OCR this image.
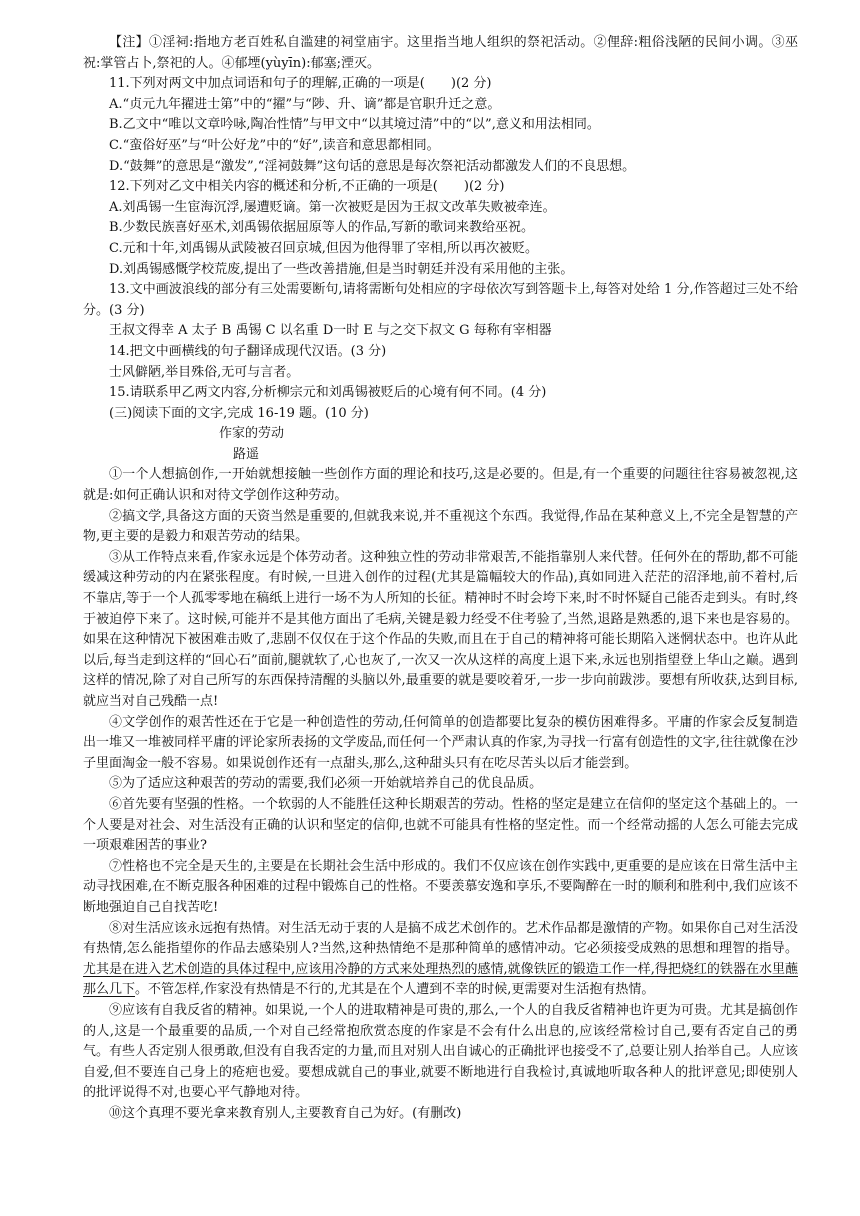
【注】①淫祠:指地方老百姓私自滥建的祠堂庙宇。这里指当地人组织的祭祀活动。②俚辞:粗俗浅陋的民间小调。③巫祝:掌管占卜,祭祀的人。④郁堙(yùyīn):郁塞;湮灭。

11.下列对两文中加点词语和句子的理解,正确的一项是(　　)(2 分)

A.“贞元九年擢进士第”中的“擢”与“陟、升、谪”都是官职升迁之意。

B.乙文中“唯以文章吟咏,陶冶性情”与甲文中“以其境过清”中的“以”,意义和用法相同。

C.“蛮俗好巫”与“叶公好龙”中的“好”,读音和意思都相同。

D.“鼓舞”的意思是“激发”,“淫祠鼓舞”这句话的意思是每次祭祀活动都激发人们的不良思想。

12.下列对乙文中相关内容的概述和分析,不正确的一项是(　　)(2 分)

A.刘禹锡一生宦海沉浮,屡遭贬谪。第一次被贬是因为王叔文改革失败被牵连。

B.少数民族喜好巫术,刘禹锡依据屈原等人的作品,写新的歌词来教给巫祝。

C.元和十年,刘禹锡从武陵被召回京城,但因为他得罪了宰相,所以再次被贬。

D.刘禹锡感慨学校荒废,提出了一些改善措施,但是当时朝廷并没有采用他的主张。

13.文中画波浪线的部分有三处需要断句,请将需断句处相应的字母依次写到答题卡上,每答对处给 1 分,作答超过三处不给分。(3 分)

王叔文得幸 A 太子 B 禹锡 C 以名重 D一时 E 与之交下叔文 G 每称有宰相器

14.把文中画横线的句子翻译成现代汉语。(3 分)

士风僻陋,举目殊俗,无可与言者。

15.请联系甲乙两文内容,分析柳宗元和刘禹锡被贬后的心境有何不同。(4 分)

(三)阅读下面的文字,完成 16-19 题。(10 分)

作家的劳动

路遥

①一个人想搞创作,一开始就想接触一些创作方面的理论和技巧,这是必要的。但是,有一个重要的问题往往容易被忽视,这就是:如何正确认识和对待文学创作这种劳动。

②搞文学,具备这方面的天资当然是重要的,但就我来说,并不重视这个东西。我觉得,作品在某种意义上,不完全是智慧的产物,更主要的是毅力和艰苦劳动的结果。

③从工作特点来看,作家永远是个体劳动者。这种独立性的劳动非常艰苦,不能指靠别人来代替。任何外在的帮助,都不可能缓减这种劳动的内在紧张程度。有时候,一旦进入创作的过程(尤其是篇幅较大的作品),真如同进入茫茫的沼泽地,前不着村,后不靠店,等于一个人孤零零地在稿纸上进行一场不为人所知的长征。精神时不时会垮下来,时不时怀疑自己能否走到头。有时,终于被迫停下来了。这时候,可能并不是其他方面出了毛病,关键是毅力经受不住考验了,当然,退路是熟悉的,退下来也是容易的。如果在这种情况下被困难击败了,悲剧不仅仅在于这个作品的失败,而且在于自己的精神将可能长期陷入迷惘状态中。也许从此以后,每当走到这样的“回心石”面前,腿就软了,心也灰了,一次又一次从这样的高度上退下来,永远也别指望登上华山之巅。遇到这样的情况,除了对自己所写的东西保持清醒的头脑以外,最重要的就是要咬着牙,一步一步向前跋涉。要想有所收获,达到目标,就应当对自己残酷一点!

④文学创作的艰苦性还在于它是一种创造性的劳动,任何简单的创造都要比复杂的模仿困难得多。平庸的作家会反复制造出一堆又一堆被同样平庸的评论家所表扬的文学废品,而任何一个严肃认真的作家,为寻找一行富有创造性的文字,往往就像在沙子里面淘金一般不容易。如果说创作还有一点甜头,那么,这种甜头只有在吃尽苦头以后才能尝到。

⑤为了适应这种艰苦的劳动的需要,我们必须一开始就培养自己的优良品质。

⑥首先要有坚强的性格。一个软弱的人不能胜任这种长期艰苦的劳动。性格的坚定是建立在信仰的坚定这个基础上的。一个人要是对社会、对生活没有正确的认识和坚定的信仰,也就不可能具有性格的坚定性。而一个经常动摇的人怎么可能去完成一项艰难困苦的事业?

⑦性格也不完全是天生的,主要是在长期社会生活中形成的。我们不仅应该在创作实践中,更重要的是应该在日常生活中主动寻找困难,在不断克服各种困难的过程中锻炼自己的性格。不要羡慕安逸和享乐,不要陶醉在一时的顺利和胜利中,我们应该不断地强迫自己自找苦吃!

⑧对生活应该永远抱有热情。对生活无动于衷的人是搞不成艺术创作的。艺术作品都是激情的产物。如果你自己对生活没有热情,怎么能指望你的作品去感染别人?当然,这种热情绝不是那种简单的感情冲动。它必须接受成熟的思想和理智的指导。尤其是在进入艺术创造的具体过程中,应该用冷静的方式来处理热烈的感情,就像铁匠的锻造工作一样,得把烧红的铁器在水里蘸那么几下。不管怎样,作家没有热情是不行的,尤其是在个人遭到不幸的时候,更需要对生活抱有热情。

⑨应该有自我反省的精神。如果说,一个人的进取精神是可贵的,那么,一个人的自我反省精神也许更为可贵。尤其是搞创作的人,这是一个最重要的品质,一个对自己经常抱欣赏态度的作家是不会有什么出息的,应该经常检讨自己,要有否定自己的勇气。有些人否定别人很勇敢,但没有自我否定的力量,而且对别人出自诚心的正确批评也接受不了,总要让别人抬举自己。人应该自爱,但不要连自己身上的疮疤也爱。要想成就自己的事业,就要不断地进行自我检讨,真诚地听取各种人的批评意见;即使别人的批评说得不对,也要心平气静地对待。

⑩这个真理不要光拿来教育别人,主要教育自己为好。(有删改)
